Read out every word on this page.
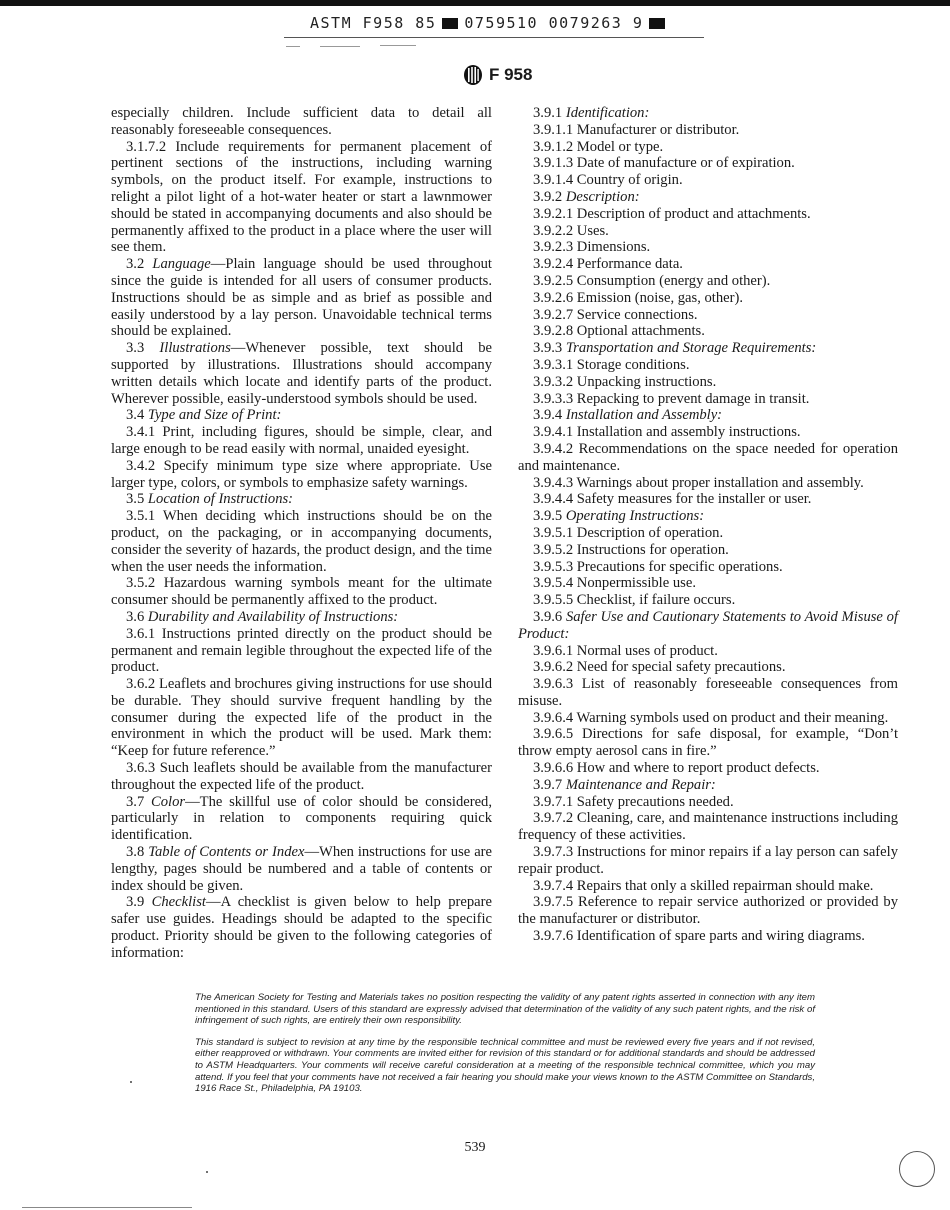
ASTM F958 85 0759510 0079263 9
F 958

especially children. Include sufficient data to detail all reasonably foreseeable consequences.

3.1.7.2 Include requirements for permanent placement of pertinent sections of the instructions, including warning symbols, on the product itself. For example, instructions to relight a pilot light of a hot-water heater or start a lawnmower should be stated in accompanying documents and also should be permanently affixed to the product in a place where the user will see them.

3.2 Language—Plain language should be used throughout since the guide is intended for all users of consumer products. Instructions should be as simple and as brief as possible and easily understood by a lay person. Unavoidable technical terms should be explained.

3.3 Illustrations—Whenever possible, text should be supported by illustrations. Illustrations should accompany written details which locate and identify parts of the product. Wherever possible, easily-understood symbols should be used.

3.4 Type and Size of Print:

3.4.1 Print, including figures, should be simple, clear, and large enough to be read easily with normal, unaided eyesight.

3.4.2 Specify minimum type size where appropriate. Use larger type, colors, or symbols to emphasize safety warnings.

3.5 Location of Instructions:

3.5.1 When deciding which instructions should be on the product, on the packaging, or in accompanying documents, consider the severity of hazards, the product design, and the time when the user needs the information.

3.5.2 Hazardous warning symbols meant for the ultimate consumer should be permanently affixed to the product.

3.6 Durability and Availability of Instructions:

3.6.1 Instructions printed directly on the product should be permanent and remain legible throughout the expected life of the product.

3.6.2 Leaflets and brochures giving instructions for use should be durable. They should survive frequent handling by the consumer during the expected life of the product in the environment in which the product will be used. Mark them: “Keep for future reference.”

3.6.3 Such leaflets should be available from the manufacturer throughout the expected life of the product.

3.7 Color—The skillful use of color should be considered, particularly in relation to components requiring quick identification.

3.8 Table of Contents or Index—When instructions for use are lengthy, pages should be numbered and a table of contents or index should be given.

3.9 Checklist—A checklist is given below to help prepare safer use guides. Headings should be adapted to the specific product. Priority should be given to the following categories of information:

3.9.1 Identification:

3.9.1.1 Manufacturer or distributor.

3.9.1.2 Model or type.

3.9.1.3 Date of manufacture or of expiration.

3.9.1.4 Country of origin.

3.9.2 Description:

3.9.2.1 Description of product and attachments.

3.9.2.2 Uses.

3.9.2.3 Dimensions.

3.9.2.4 Performance data.

3.9.2.5 Consumption (energy and other).

3.9.2.6 Emission (noise, gas, other).

3.9.2.7 Service connections.

3.9.2.8 Optional attachments.

3.9.3 Transportation and Storage Requirements:

3.9.3.1 Storage conditions.

3.9.3.2 Unpacking instructions.

3.9.3.3 Repacking to prevent damage in transit.

3.9.4 Installation and Assembly:

3.9.4.1 Installation and assembly instructions.

3.9.4.2 Recommendations on the space needed for operation and maintenance.

3.9.4.3 Warnings about proper installation and assembly.

3.9.4.4 Safety measures for the installer or user.

3.9.5 Operating Instructions:

3.9.5.1 Description of operation.

3.9.5.2 Instructions for operation.

3.9.5.3 Precautions for specific operations.

3.9.5.4 Nonpermissible use.

3.9.5.5 Checklist, if failure occurs.

3.9.6 Safer Use and Cautionary Statements to Avoid Misuse of Product:

3.9.6.1 Normal uses of product.

3.9.6.2 Need for special safety precautions.

3.9.6.3 List of reasonably foreseeable consequences from misuse.

3.9.6.4 Warning symbols used on product and their meaning.

3.9.6.5 Directions for safe disposal, for example, “Don’t throw empty aerosol cans in fire.”

3.9.6.6 How and where to report product defects.

3.9.7 Maintenance and Repair:

3.9.7.1 Safety precautions needed.

3.9.7.2 Cleaning, care, and maintenance instructions including frequency of these activities.

3.9.7.3 Instructions for minor repairs if a lay person can safely repair product.

3.9.7.4 Repairs that only a skilled repairman should make.

3.9.7.5 Reference to repair service authorized or provided by the manufacturer or distributor.

3.9.7.6 Identification of spare parts and wiring diagrams.

The American Society for Testing and Materials takes no position respecting the validity of any patent rights asserted in connection with any item mentioned in this standard. Users of this standard are expressly advised that determination of the validity of any such patent rights, and the risk of infringement of such rights, are entirely their own responsibility.

This standard is subject to revision at any time by the responsible technical committee and must be reviewed every five years and if not revised, either reapproved or withdrawn. Your comments are invited either for revision of this standard or for additional standards and should be addressed to ASTM Headquarters. Your comments will receive careful consideration at a meeting of the responsible technical committee, which you may attend. If you feel that your comments have not received a fair hearing you should make your views known to the ASTM Committee on Standards, 1916 Race St., Philadelphia, PA 19103.

539
